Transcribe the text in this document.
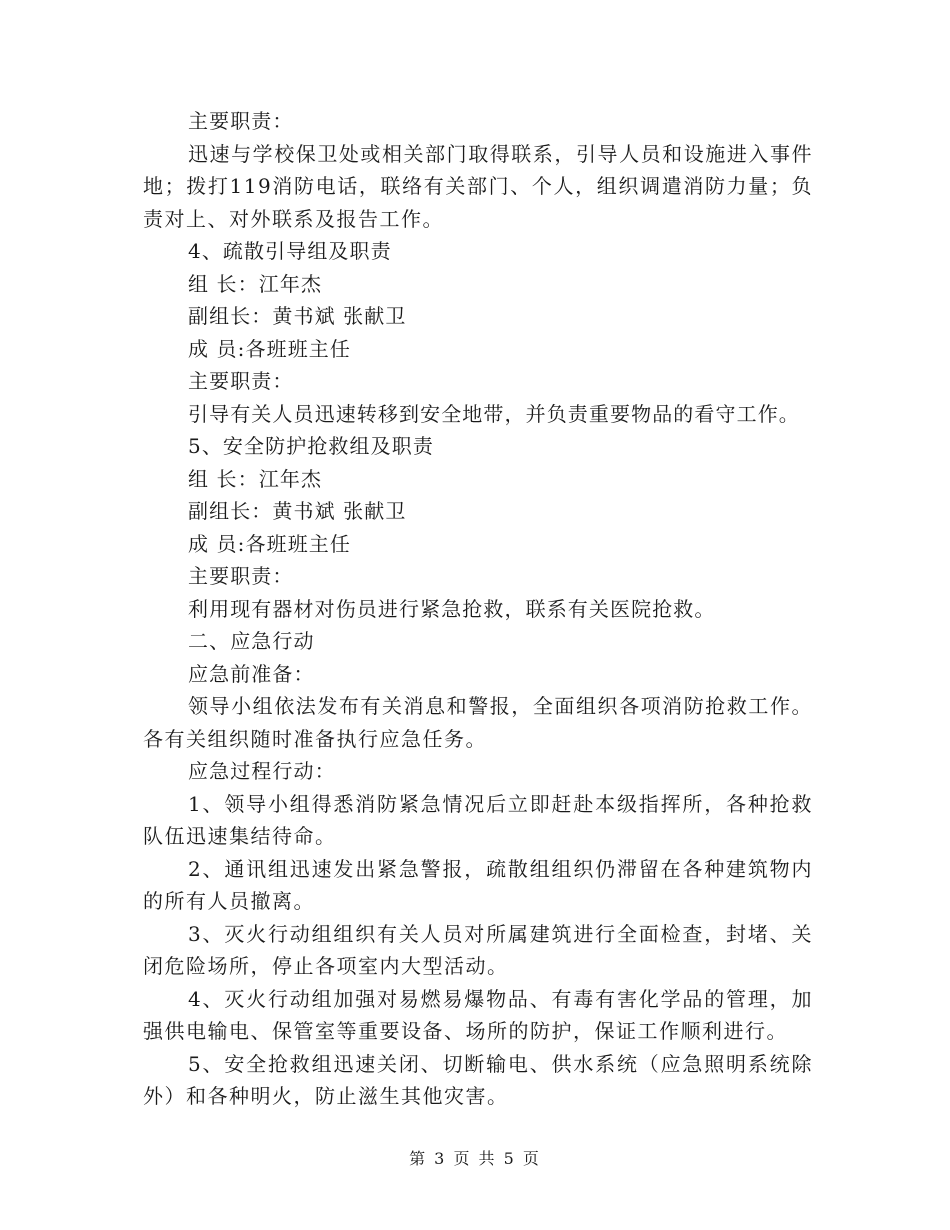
主要职责：

迅速与学校保卫处或相关部门取得联系，引导人员和设施进入事件地；拨打119消防电话，联络有关部门、个人，组织调遣消防力量；负责对上、对外联系及报告工作。

4、疏散引导组及职责

组 长：江年杰

副组长：黄书斌 张献卫

成 员:各班班主任

主要职责：

引导有关人员迅速转移到安全地带，并负责重要物品的看守工作。

5、安全防护抢救组及职责

组 长：江年杰

副组长：黄书斌 张献卫

成 员:各班班主任

主要职责：

利用现有器材对伤员进行紧急抢救，联系有关医院抢救。

二、应急行动

应急前准备：

领导小组依法发布有关消息和警报，全面组织各项消防抢救工作。各有关组织随时准备执行应急任务。

应急过程行动：

1、领导小组得悉消防紧急情况后立即赶赴本级指挥所，各种抢救队伍迅速集结待命。

2、通讯组迅速发出紧急警报，疏散组组织仍滞留在各种建筑物内的所有人员撤离。

3、灭火行动组组织有关人员对所属建筑进行全面检查，封堵、关闭危险场所，停止各项室内大型活动。

4、灭火行动组加强对易燃易爆物品、有毒有害化学品的管理，加强供电输电、保管室等重要设备、场所的防护，保证工作顺利进行。

5、安全抢救组迅速关闭、切断输电、供水系统（应急照明系统除外）和各种明火，防止滋生其他灾害。

第 3 页 共 5 页
